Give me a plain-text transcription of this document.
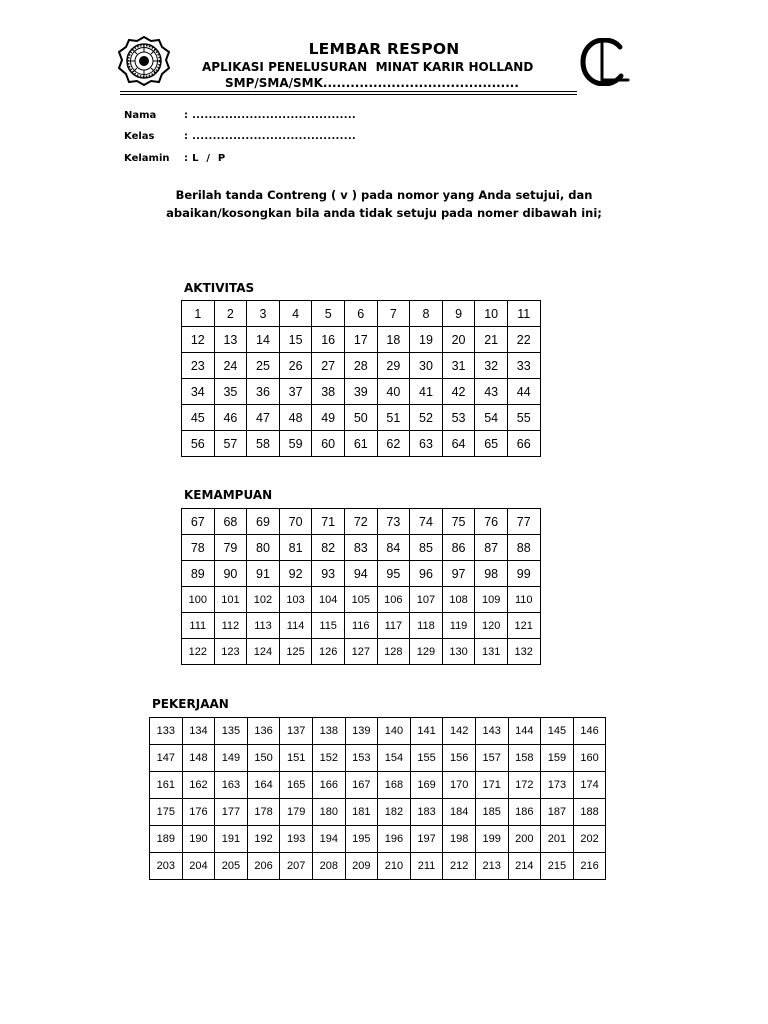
LEMBAR RESPON
APLIKASI PENELUSURAN  MINAT KARIR HOLLAND
SMP/SMA/SMK...........................................
Nama	: ........................................
Kelas	: ........................................
Kelamin : L  /  P
Berilah tanda Contreng ( v ) pada nomor yang Anda setujui, dan
abaikan/kosongkan bila anda tidak setuju pada nomer dibawah ini;
AKTIVITAS
1	2	3	4	5	6	7	8	9	10	11
12	13	14	15	16	17	18	19	20	21	22
23	24	25	26	27	28	29	30	31	32	33
34	35	36	37	38	39	40	41	42	43	44
45	46	47	48	49	50	51	52	53	54	55
56	57	58	59	60	61	62	63	64	65	66
KEMAMPUAN
67	68	69	70	71	72	73	74	75	76	77
78	79	80	81	82	83	84	85	86	87	88
89	90	91	92	93	94	95	96	97	98	99
100	101	102	103	104	105	106	107	108	109	110
111	112	113	114	115	116	117	118	119	120	121
122	123	124	125	126	127	128	129	130	131	132
PEKERJAAN
133	134	135	136	137	138	139	140	141	142	143	144	145	146
147	148	149	150	151	152	153	154	155	156	157	158	159	160
161	162	163	164	165	166	167	168	169	170	171	172	173	174
175	176	177	178	179	180	181	182	183	184	185	186	187	188
189	190	191	192	193	194	195	196	197	198	199	200	201	202
203	204	205	206	207	208	209	210	211	212	213	214	215	216
